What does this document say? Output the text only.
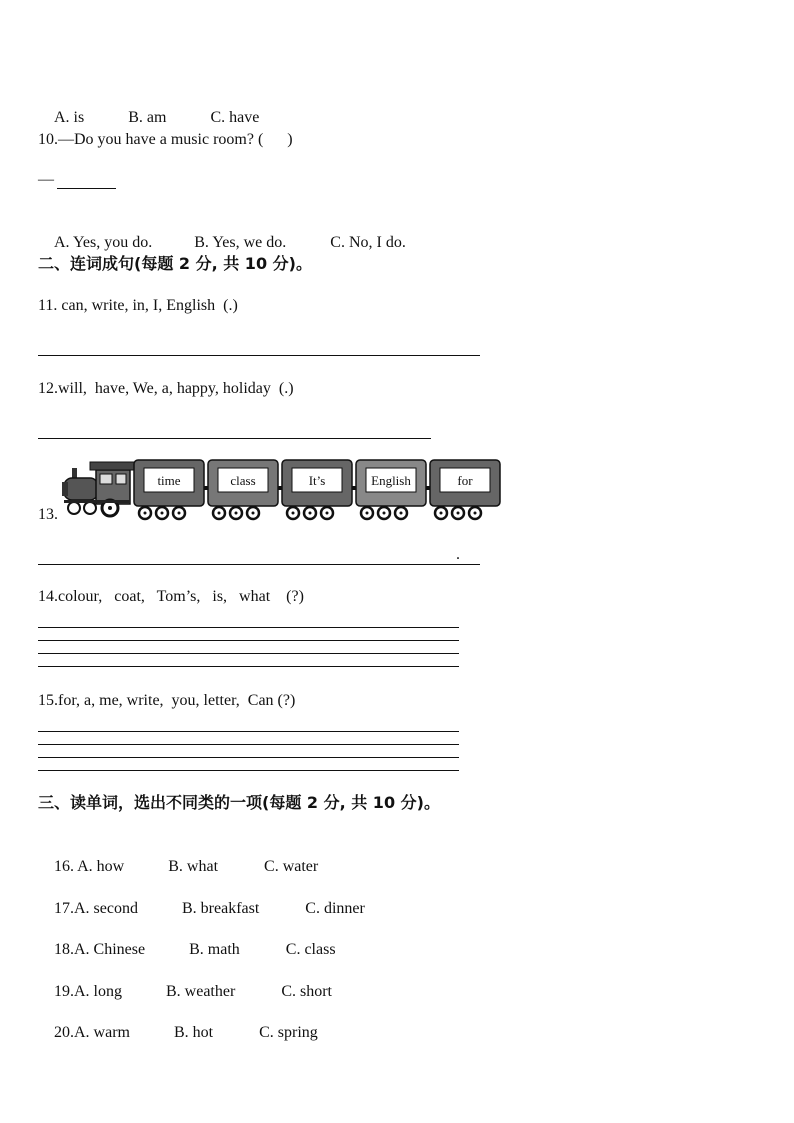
A. is	B. am	C. have

10.—Do you have a music room? (      )
—

A. Yes, you do.	B. Yes, we do.	C. No, I do.

二、连词成句(每题 2 分, 共 10 分)。
11. can, write, in, I, English  (.)
12.will,  have, We, a, happy, holiday  (.)
13.
time	class	It’s	English	for
.
14.colour,   coat,   Tom’s,   is,   what    (?)
15.for, a, me, write,  you, letter,  Can (?)
三、读单词，选出不同类的一项(每题 2 分, 共 10 分)。

16. A. how	B. what	C. water

17.A. second	B. breakfast	C. dinner

18.A. Chinese	B. math	C. class

19.A. long	B. weather	C. short

20.A. warm	B. hot	C. spring
